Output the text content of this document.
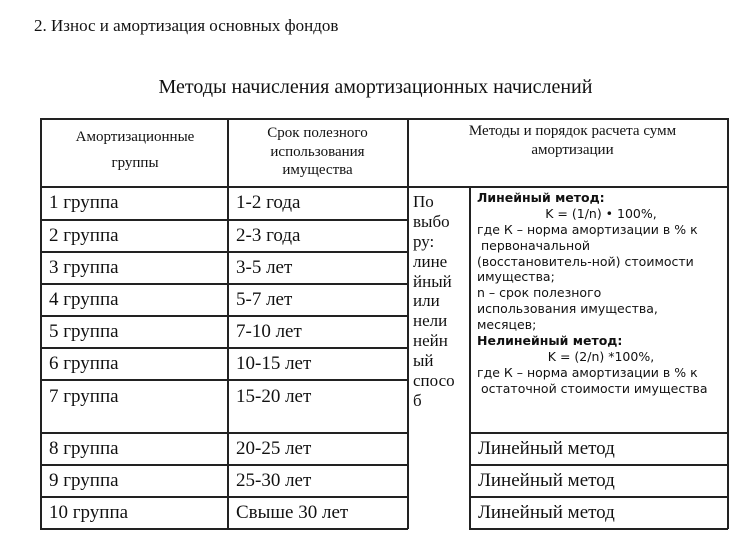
2. Износ и амортизация основных фондов
Методы начисления амортизационных начислений
Амортизационные группы
Срок полезного использования имущества
Методы и порядок расчета сумм амортизации
1 группа
2 группа
3 группа
4 группа
5 группа
6 группа
7 группа
8 группа
9 группа
10 группа
1-2 года
2-3 года
3-5 лет
5-7 лет
7-10 лет
10-15 лет
15-20 лет
20-25 лет
25-30 лет
Свыше 30 лет
Линейный метод
Линейный метод
Линейный метод
По
выбо
ру:
лине
йный
или
нели
нейн
ый
спосо
б
Линейный метод:
K = (1/n) • 100%,
где К – норма амортизации в % к
первоначальной
(восстановитель-ной) стоимости
имущества;
n – срок полезного
использования имущества,
месяцев;
Нелинейный метод:
K = (2/n) *100%,
где К – норма амортизации в % к
остаточной стоимости имущества
